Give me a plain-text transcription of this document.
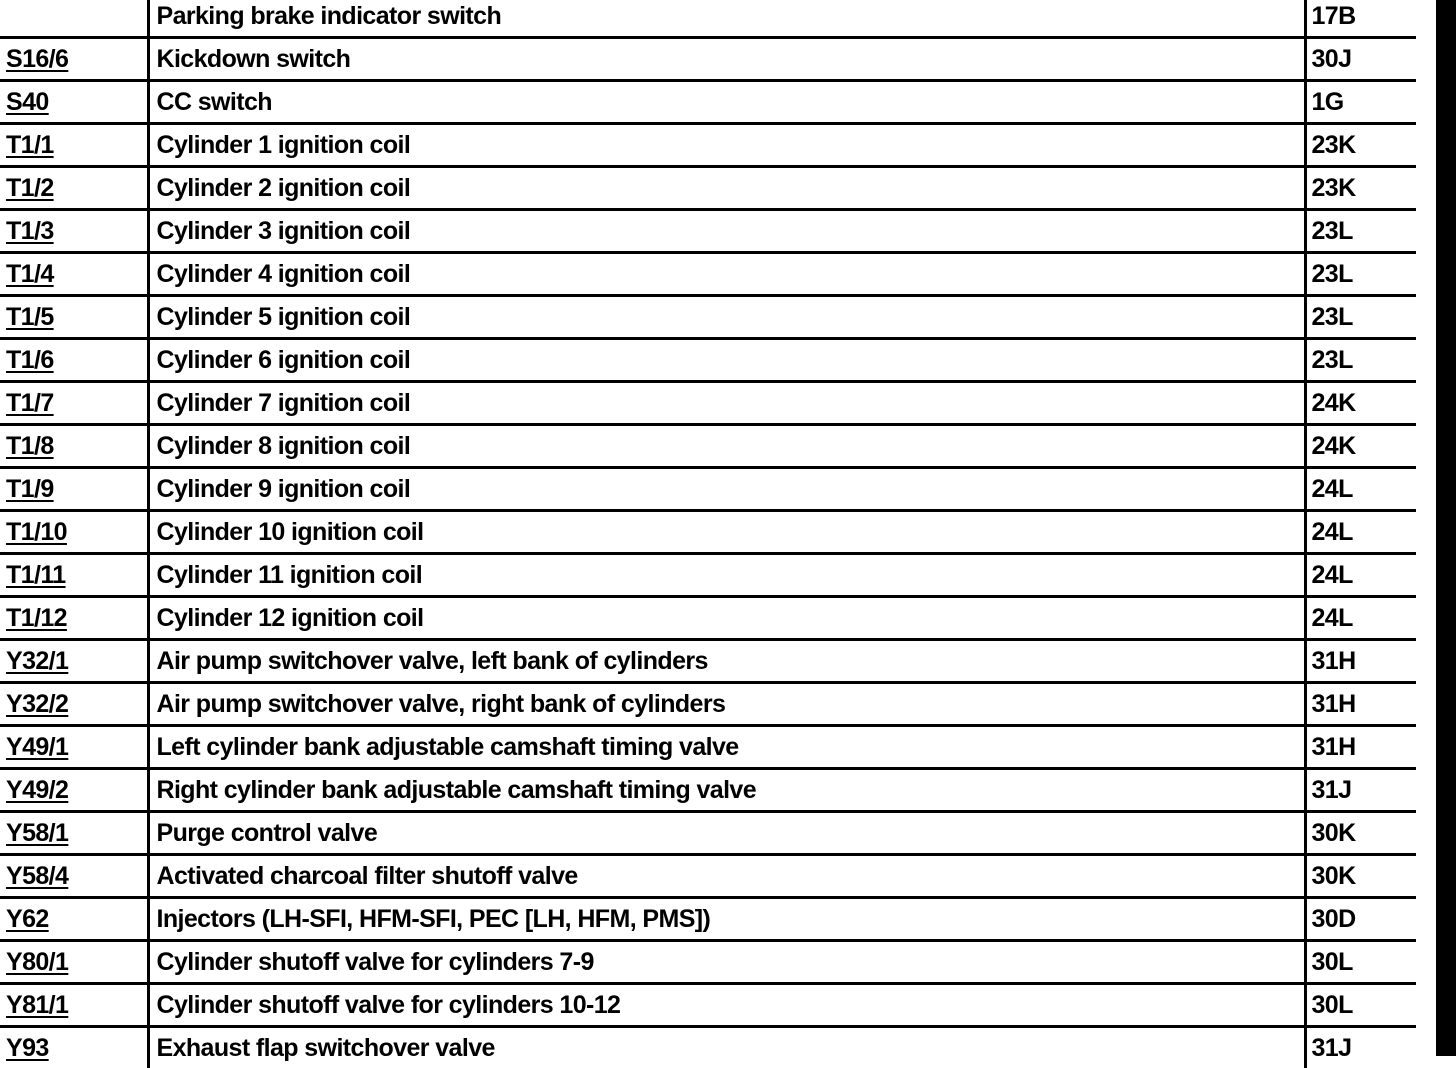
	Parking brake indicator switch	17B
S16/6	Kickdown switch	30J
S40	CC switch	1G
T1/1	Cylinder 1 ignition coil	23K
T1/2	Cylinder 2 ignition coil	23K
T1/3	Cylinder 3 ignition coil	23L
T1/4	Cylinder 4 ignition coil	23L
T1/5	Cylinder 5 ignition coil	23L
T1/6	Cylinder 6 ignition coil	23L
T1/7	Cylinder 7 ignition coil	24K
T1/8	Cylinder 8 ignition coil	24K
T1/9	Cylinder 9 ignition coil	24L
T1/10	Cylinder 10 ignition coil	24L
T1/11	Cylinder 11 ignition coil	24L
T1/12	Cylinder 12 ignition coil	24L
Y32/1	Air pump switchover valve, left bank of cylinders	31H
Y32/2	Air pump switchover valve, right bank of cylinders	31H
Y49/1	Left cylinder bank adjustable camshaft timing valve	31H
Y49/2	Right cylinder bank adjustable camshaft timing valve	31J
Y58/1	Purge control valve	30K
Y58/4	Activated charcoal filter shutoff valve	30K
Y62	Injectors (LH-SFI, HFM-SFI, PEC [LH, HFM, PMS])	30D
Y80/1	Cylinder shutoff valve for cylinders 7-9	30L
Y81/1	Cylinder shutoff valve for cylinders 10-12	30L
Y93	Exhaust flap switchover valve	31J
